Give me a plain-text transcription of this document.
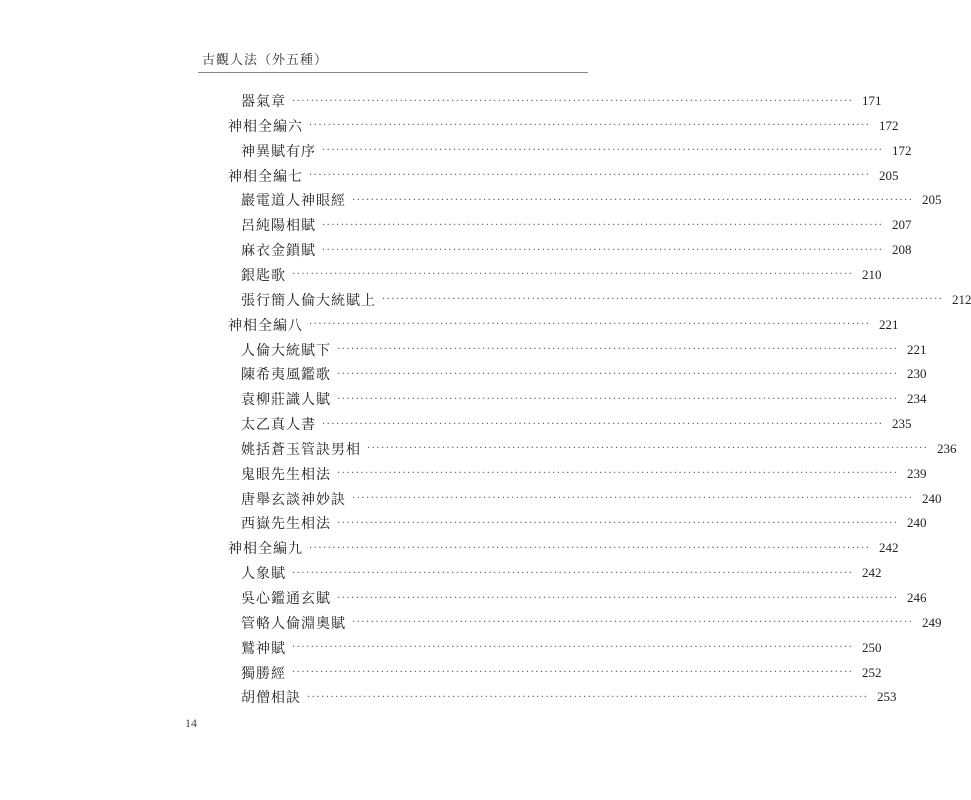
古觀人法（外五種）
器氣章 ························································································································ 171
神相全編六 ························································································································ 172
神異賦有序 ························································································································ 172
神相全編七 ························································································································ 205
巖電道人神眼經 ························································································································ 205
呂純陽相賦 ························································································································ 207
麻衣金鎖賦 ························································································································ 208
銀匙歌 ························································································································ 210
張行簡人倫大統賦上 ························································································································ 212
神相全編八 ························································································································ 221
人倫大統賦下 ························································································································ 221
陳希夷風鑑歌 ························································································································ 230
袁柳莊識人賦 ························································································································ 234
太乙真人書 ························································································································ 235
姚括蒼玉管訣男相 ························································································································ 236
鬼眼先生相法 ························································································································ 239
唐舉玄談神妙訣 ························································································································ 240
西嶽先生相法 ························································································································ 240
神相全編九 ························································································································ 242
人象賦 ························································································································ 242
吳心鑑通玄賦 ························································································································ 246
管輅人倫淵奧賦 ························································································································ 249
鷲神賦 ························································································································ 250
獨勝經 ························································································································ 252
胡僧相訣 ························································································································ 253
14
